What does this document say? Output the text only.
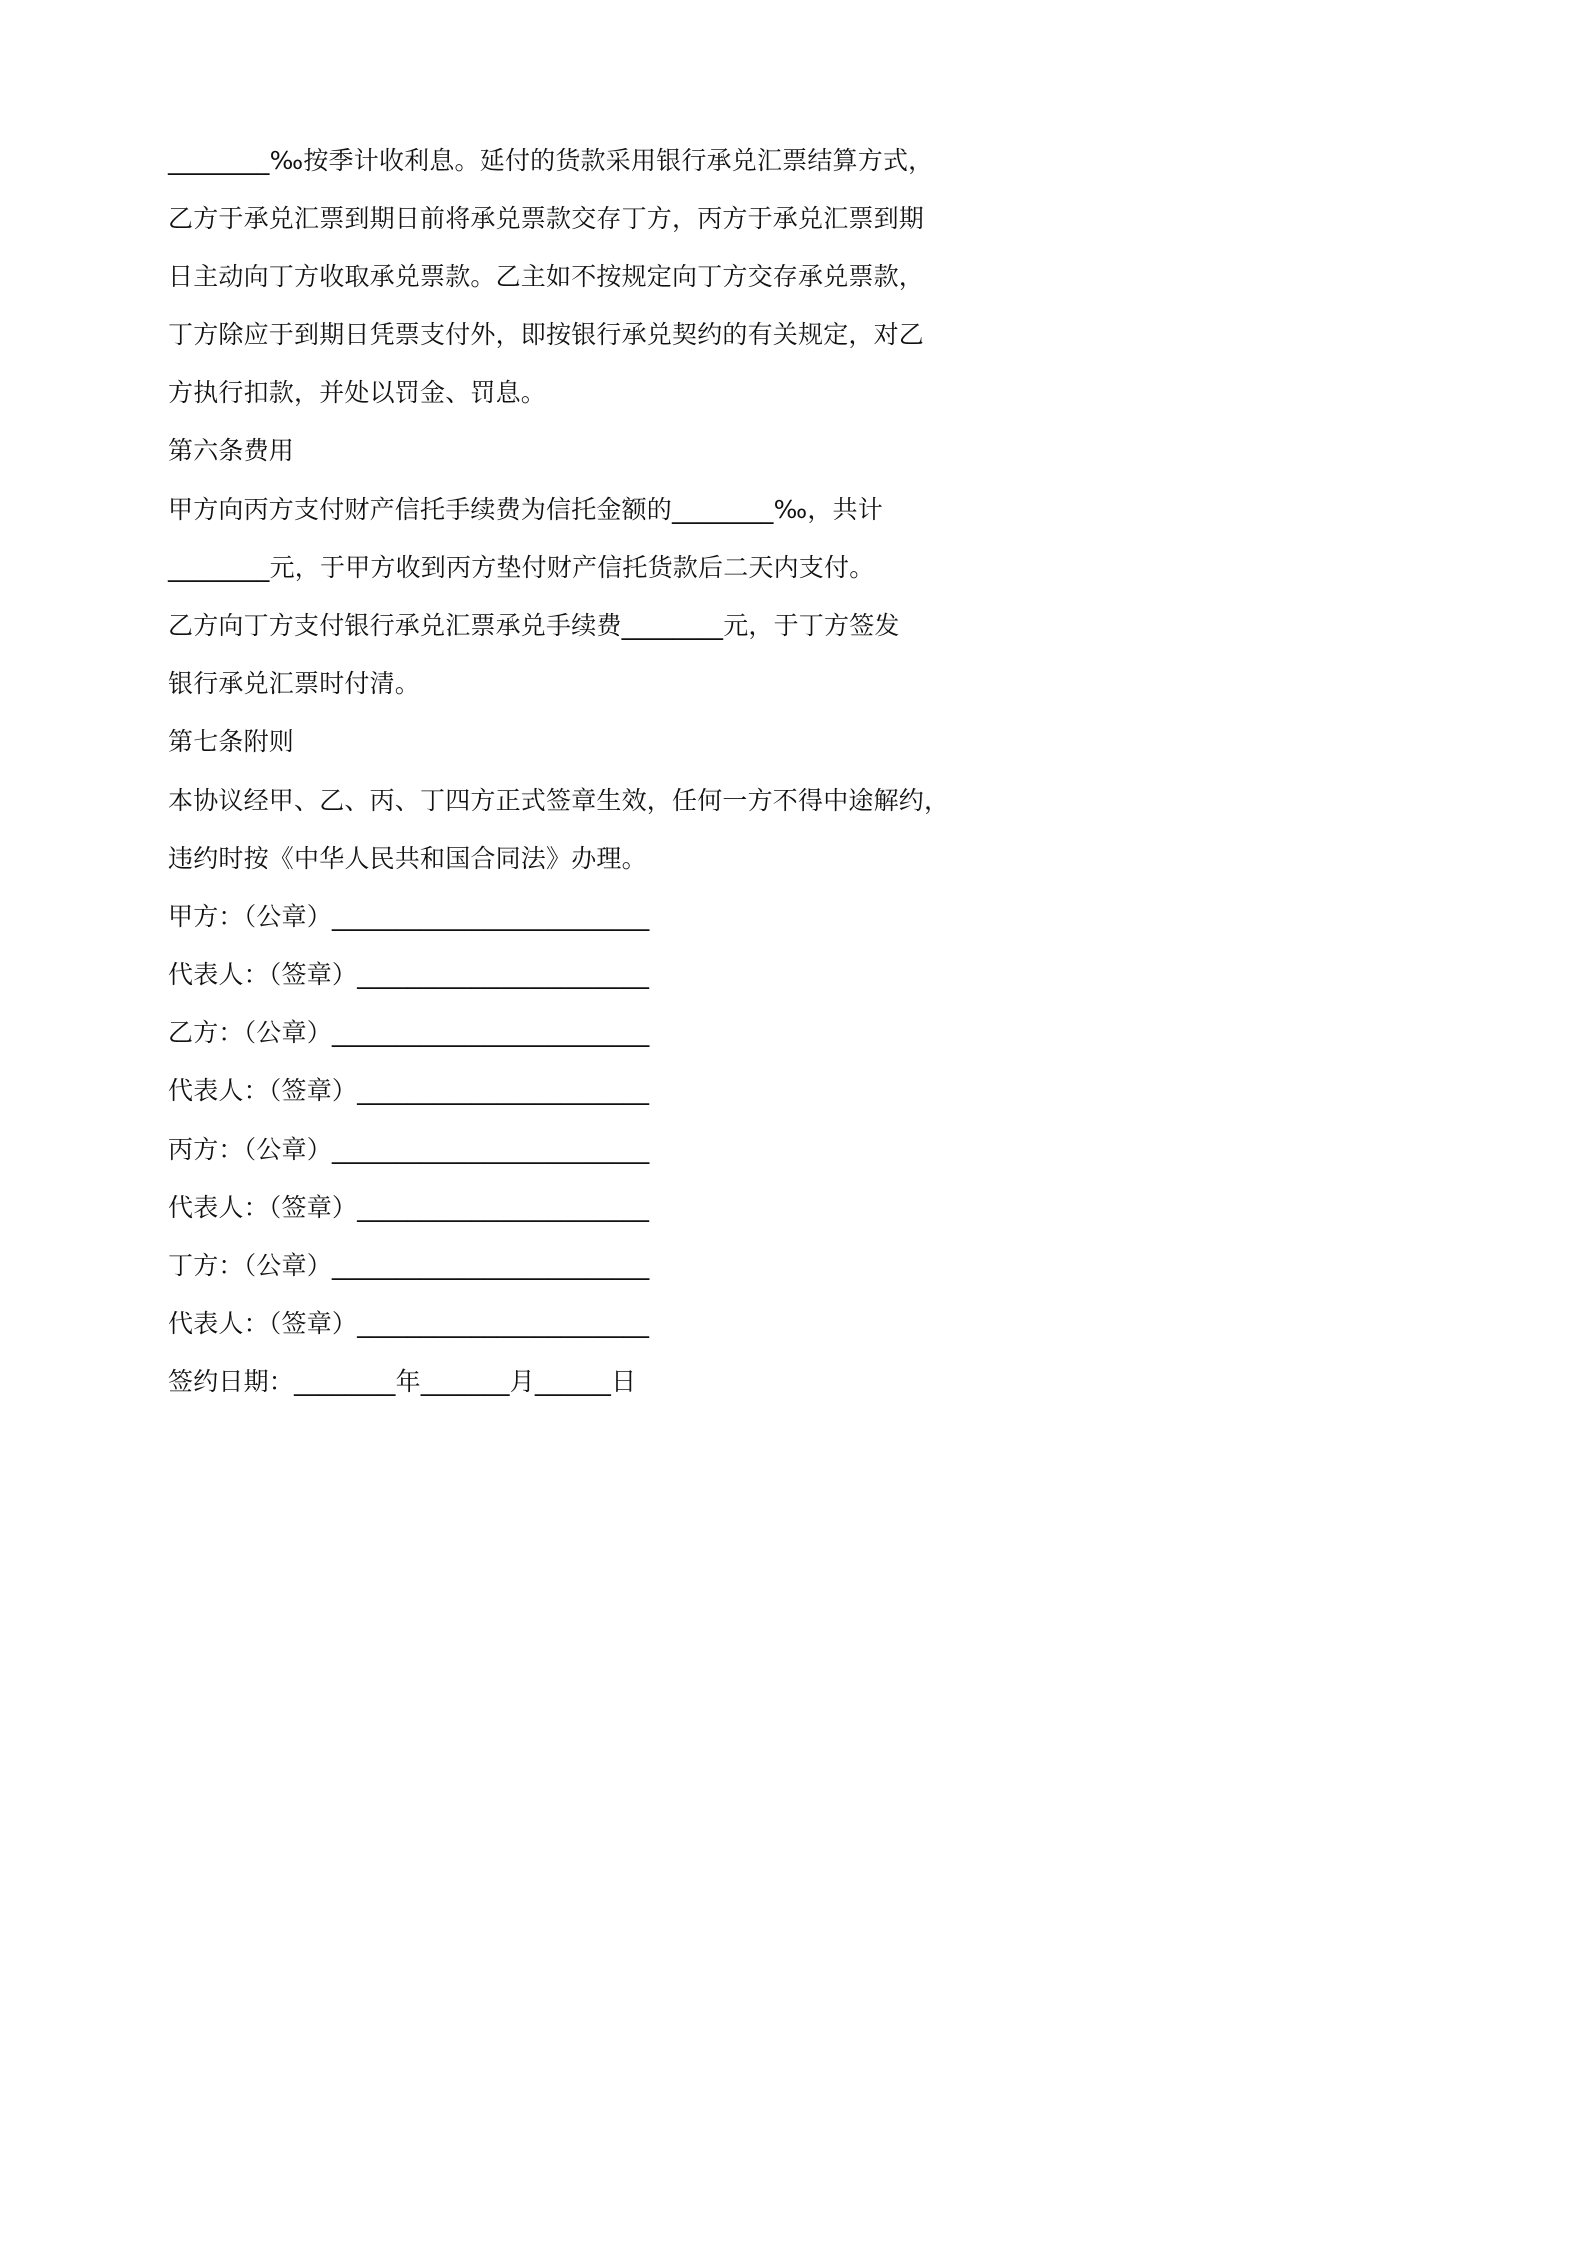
________‰按季计收利息。延付的货款采用银行承兑汇票结算方式，
乙方于承兑汇票到期日前将承兑票款交存丁方，丙方于承兑汇票到期
日主动向丁方收取承兑票款。乙主如不按规定向丁方交存承兑票款，
丁方除应于到期日凭票支付外，即按银行承兑契约的有关规定，对乙
方执行扣款，并处以罚金、罚息。
第六条费用
甲方向丙方支付财产信托手续费为信托金额的________‰，共计
________元，于甲方收到丙方垫付财产信托货款后二天内支付。
乙方向丁方支付银行承兑汇票承兑手续费________元，于丁方签发
银行承兑汇票时付清。
第七条附则
本协议经甲、乙、丙、丁四方正式签章生效，任何一方不得中途解约，
违约时按《中华人民共和国合同法》办理。
甲方：（公章）_________________________
代表人：（签章）_______________________
乙方：（公章）_________________________
代表人：（签章）_______________________
丙方：（公章）_________________________
代表人：（签章）_______________________
丁方：（公章）_________________________
代表人：（签章）_______________________
签约日期：________年_______月______日
